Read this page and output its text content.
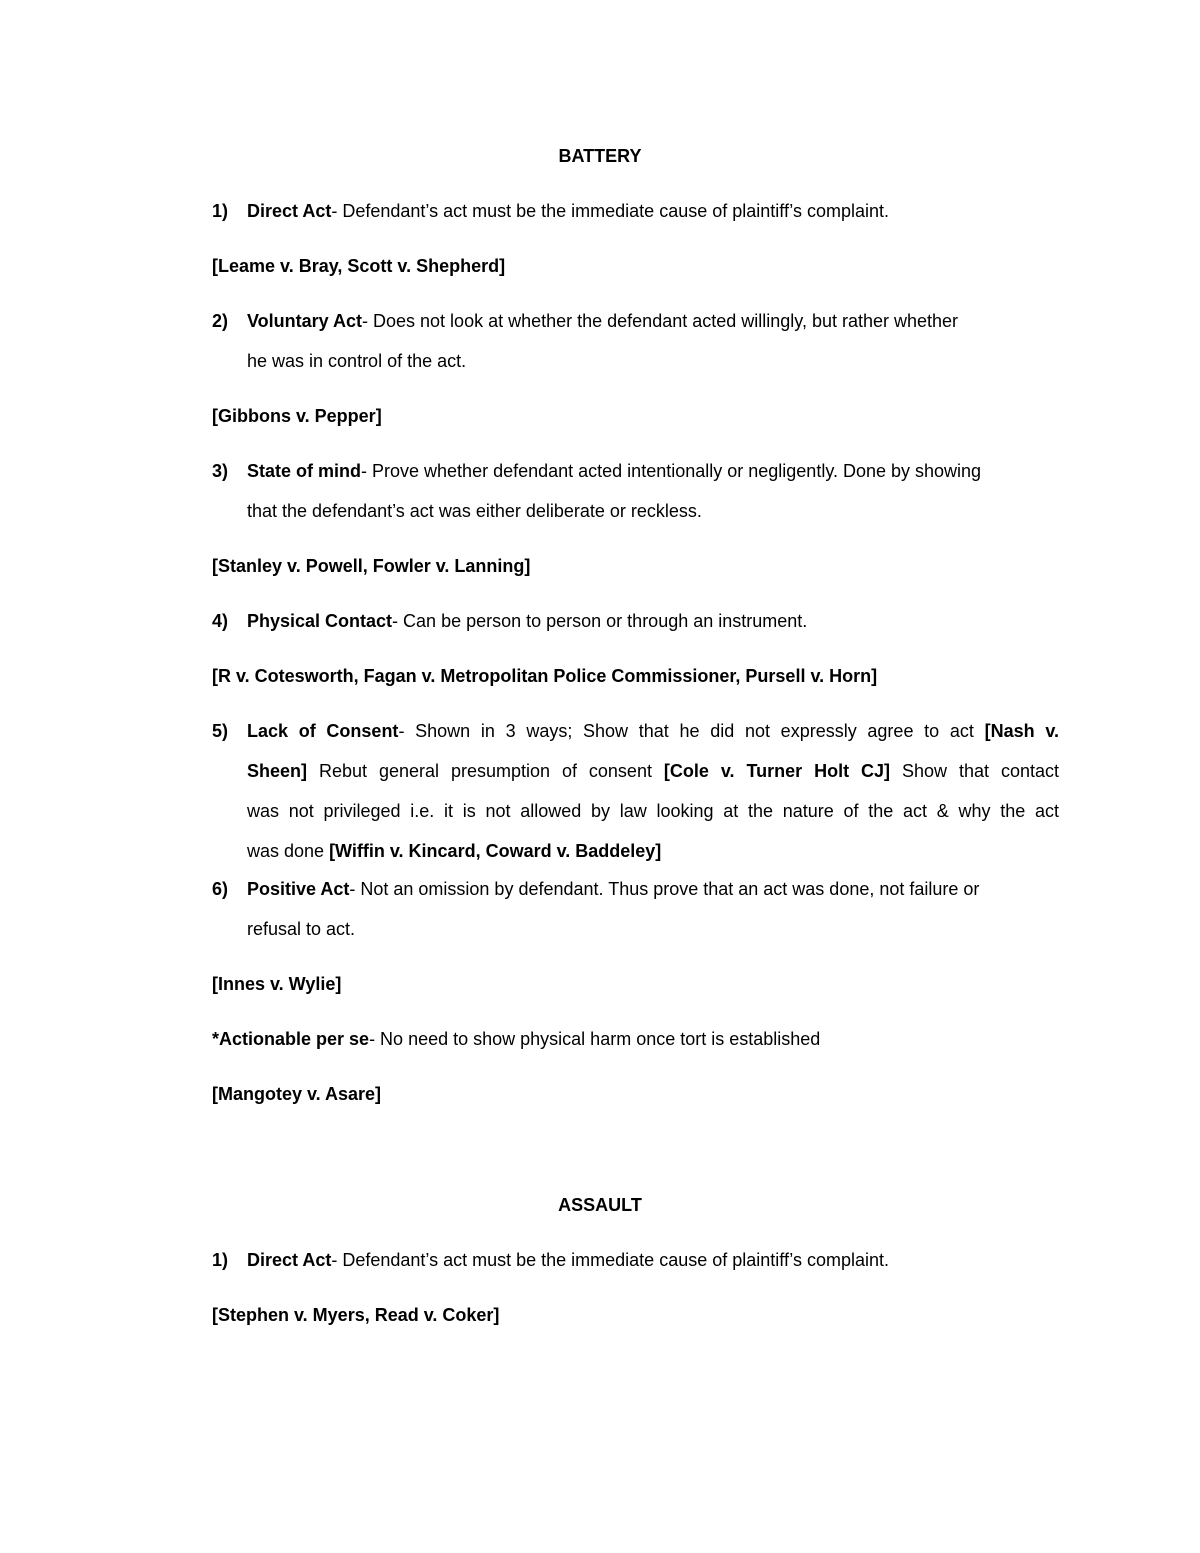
BATTERY
1) Direct Act- Defendant’s act must be the immediate cause of plaintiff’s complaint.
[Leame v. Bray, Scott v. Shepherd]
2) Voluntary Act- Does not look at whether the defendant acted willingly, but rather whether
he was in control of the act.
[Gibbons v. Pepper]
3) State of mind- Prove whether defendant acted intentionally or negligently. Done by showing
that the defendant’s act was either deliberate or reckless.
[Stanley v. Powell, Fowler v. Lanning]
4) Physical Contact- Can be person to person or through an instrument.
[R v. Cotesworth, Fagan v. Metropolitan Police Commissioner, Pursell v. Horn]
5) Lack of Consent- Shown in 3 ways; Show that he did not expressly agree to act [Nash v.
Sheen] Rebut general presumption of consent [Cole v. Turner Holt CJ] Show that contact
was not privileged i.e. it is not allowed by law looking at the nature of the act & why the act
was done [Wiffin v. Kincard, Coward v. Baddeley]
6) Positive Act- Not an omission by defendant. Thus prove that an act was done, not failure or
refusal to act.
[Innes v. Wylie]
*Actionable per se- No need to show physical harm once tort is established
[Mangotey v. Asare]
ASSAULT
1) Direct Act- Defendant’s act must be the immediate cause of plaintiff’s complaint.
[Stephen v. Myers, Read v. Coker]
